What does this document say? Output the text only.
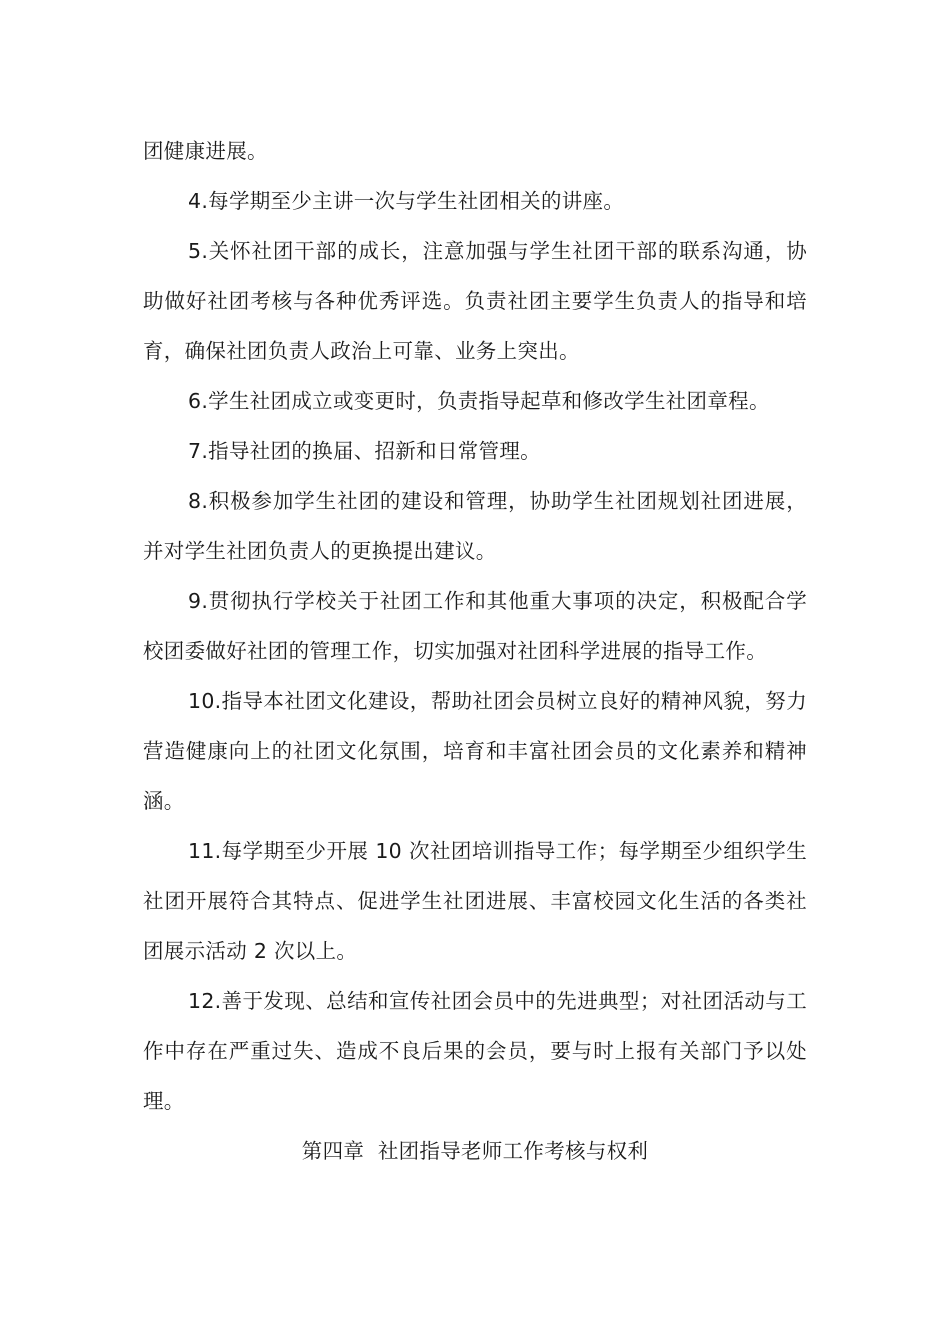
团健康进展。

4.每学期至少主讲一次与学生社团相关的讲座。

5.关怀社团干部的成长，注意加强与学生社团干部的联系沟通，协助做好社团考核与各种优秀评选。负责社团主要学生负责人的指导和培育，确保社团负责人政治上可靠、业务上突出。

6.学生社团成立或变更时，负责指导起草和修改学生社团章程。

7.指导社团的换届、招新和日常管理。

8.积极参加学生社团的建设和管理，协助学生社团规划社团进展，并对学生社团负责人的更换提出建议。

9.贯彻执行学校关于社团工作和其他重大事项的决定，积极配合学校团委做好社团的管理工作，切实加强对社团科学进展的指导工作。

10.指导本社团文化建设，帮助社团会员树立良好的精神风貌，努力营造健康向上的社团文化氛围，培育和丰富社团会员的文化素养和精神涵。

11.每学期至少开展 10 次社团培训指导工作；每学期至少组织学生社团开展符合其特点、促进学生社团进展、丰富校园文化生活的各类社团展示活动 2 次以上。

12.善于发现、总结和宣传社团会员中的先进典型；对社团活动与工作中存在严重过失、造成不良后果的会员，要与时上报有关部门予以处理。

第四章  社团指导老师工作考核与权利
